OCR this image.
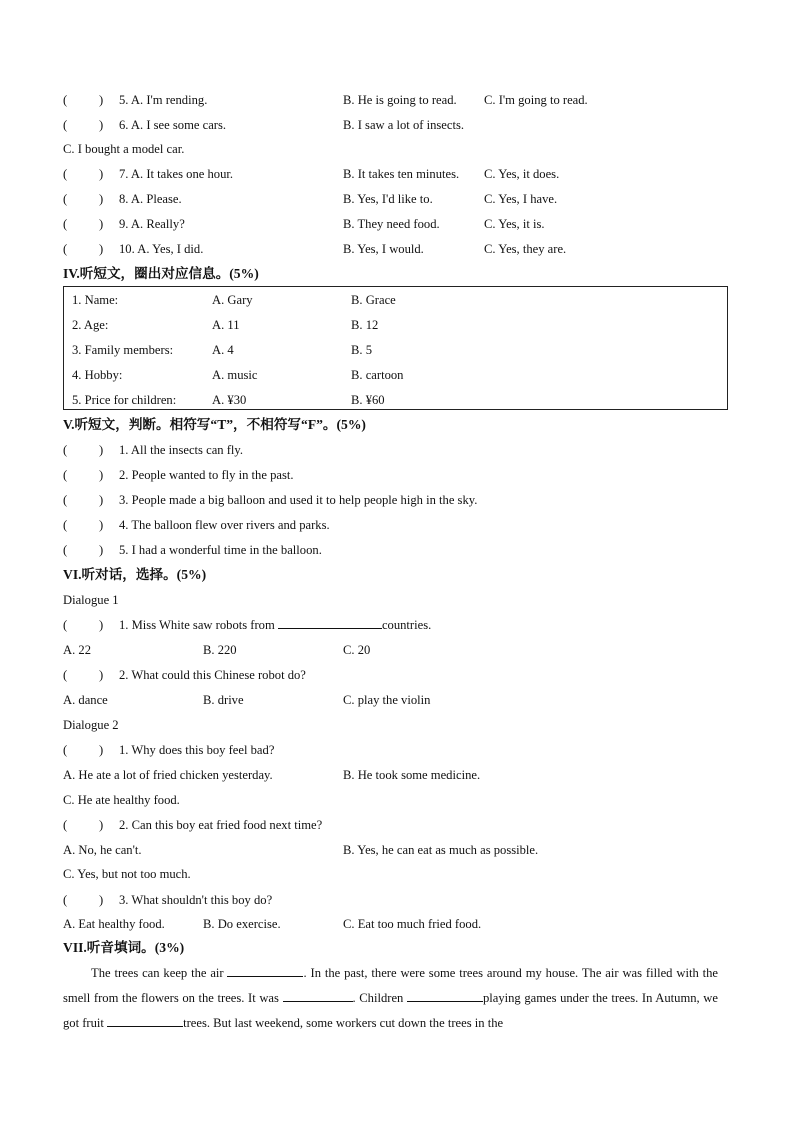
(	) 5. A. I'm rending.	B. He is going to read. C. I'm going to read.
(	) 6. A. I see some cars.	B. I saw a lot of insects.
C. I bought a model car.
(	) 7. A. It takes one hour.	B. It takes ten minutes. C. Yes, it does.
(	) 8. A. Please.	B. Yes, I'd like to.	C. Yes, I have.
(	) 9. A. Really?	B. They need food.	C. Yes, it is.
(	) 10. A. Yes, I did.	B. Yes, I would.	C. Yes, they are.
IV.听短文，圈出对应信息。(5%)
1. Name:	A. Gary	B. Grace
2. Age:	A. 11	B. 12
3. Family members:	A. 4	B. 5
4. Hobby:	A. music	B. cartoon
5. Price for children:	A. ¥30	B. ¥60
V.听短文，判断。相符写“T”，不相符写“F”。(5%)
(	) 1. All the insects can fly.
(	) 2. People wanted to fly in the past.
(	) 3. People made a big balloon and used it to help people high in the sky.
(	) 4. The balloon flew over rivers and parks.
(	) 5. I had a wonderful time in the balloon.
VI.听对话，选择。(5%)
Dialogue 1
(	) 1. Miss White saw robots from	countries.
A. 22	B. 220	C. 20
(	) 2. What could this Chinese robot do?
A. dance	B. drive	C. play the violin
Dialogue 2
(	) 1. Why does this boy feel bad?
A. He ate a lot of fried chicken yesterday.	B. He took some medicine.
C. He ate healthy food.
(	) 2. Can this boy eat fried food next time?
A. No, he can't.	B. Yes, he can eat as much as possible.
C. Yes, but not too much.
(	) 3. What shouldn't this boy do?
A. Eat healthy food.	B. Do exercise.	C. Eat too much fried food.
VII.听音填词。(3%)
The trees can keep the air	. In the past, there were some trees around my house. The air was filled with the smell from the flowers on the trees. It was	. Children	playing games under the trees. In Autumn, we got fruit	trees. But last weekend, some workers cut down the trees in the
